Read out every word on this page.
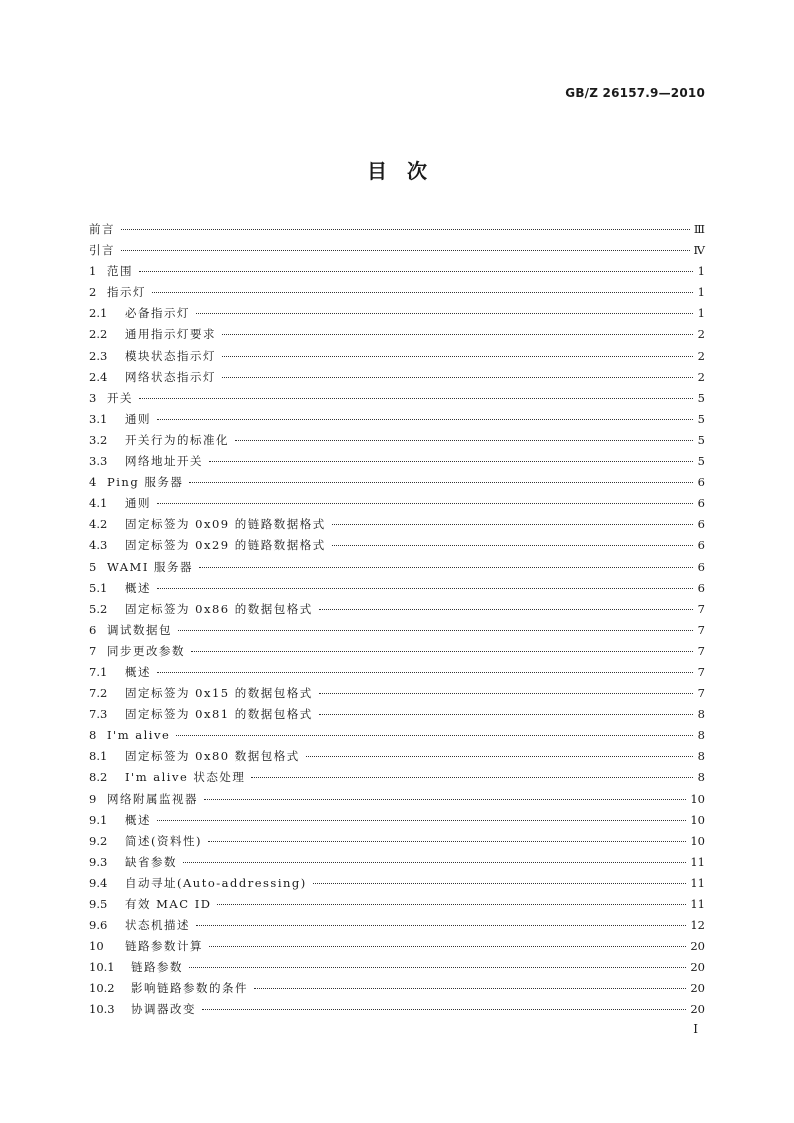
GB/Z 26157.9—2010
目　次
前言	Ⅲ
引言	Ⅳ
1 范围	1
2 指示灯	1
2.1	必备指示灯	1
2.2	通用指示灯要求	2
2.3	模块状态指示灯	2
2.4	网络状态指示灯	2
3 开关	5
3.1	通则	5
3.2	开关行为的标准化	5
3.3	网络地址开关	5
4 Ping 服务器	6
4.1	通则	6
4.2	固定标签为 0x09 的链路数据格式	6
4.3	固定标签为 0x29 的链路数据格式	6
5 WAMI 服务器	6
5.1	概述	6
5.2	固定标签为 0x86 的数据包格式	7
6 调试数据包	7
7 同步更改参数	7
7.1	概述	7
7.2	固定标签为 0x15 的数据包格式	7
7.3	固定标签为 0x81 的数据包格式	8
8 I'm alive	8
8.1	固定标签为 0x80 数据包格式	8
8.2	I'm alive 状态处理	8
9 网络附属监视器	10
9.1	概述	10
9.2	简述(资料性)	10
9.3	缺省参数	11
9.4	自动寻址(Auto-addressing)	11
9.5	有效 MAC ID	11
9.6	状态机描述	12
10	链路参数计算	20
10.1	链路参数	20
10.2	影响链路参数的条件	20
10.3	协调器改变	20
I
